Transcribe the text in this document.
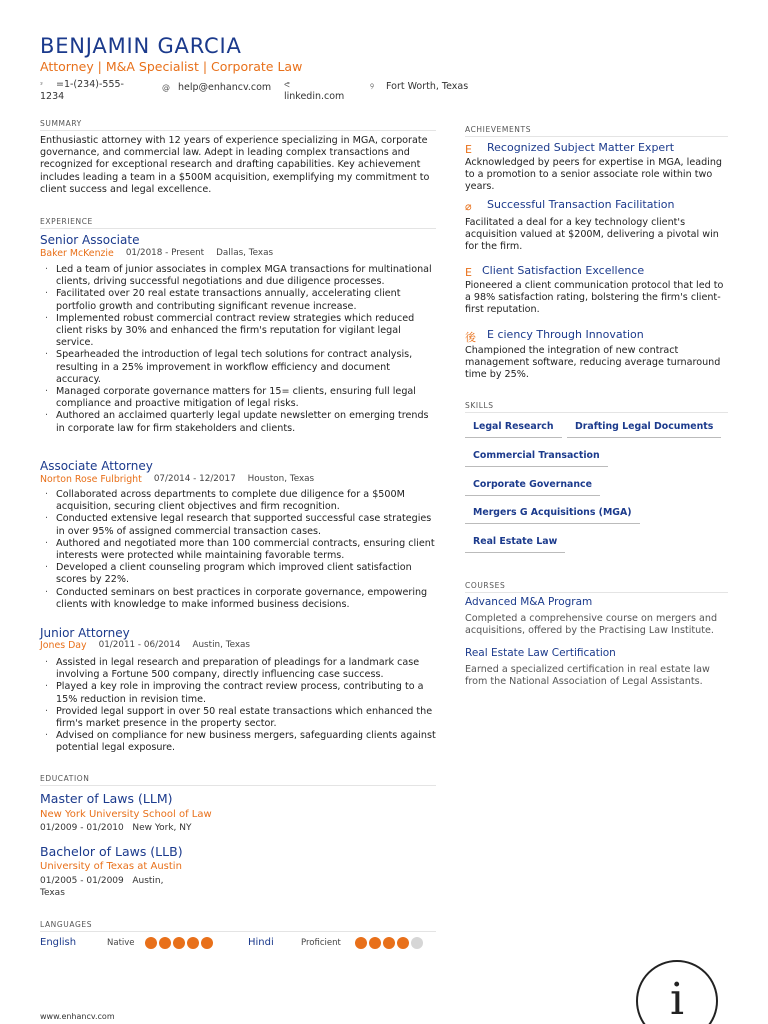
BENJAMIN GARCIA
Attorney | M&A Specialist | Corporate Law
ᵌ	=1-(234)-555-
1234
@ help@enhancv.com ᕙ
linkedin.com
୨	Fort Worth, Texas
SUMMARY
Enthusiastic attorney with 12 years of experience specializing in MGA, corporate governance, and commercial law. Adept in leading complex transactions and recognized for exceptional research and drafting capabilities. Key achievement includes leading a team in a $500M acquisition, exemplifying my commitment to client success and legal excellence.
EXPERIENCE
Senior Associate
Baker McKenzie 01/2018 - Present Dallas, Texas
· Led a team of junior associates in complex MGA transactions for multinational clients, driving successful negotiations and due diligence processes.
· Facilitated over 20 real estate transactions annually, accelerating client portfolio growth and contributing significant revenue increase.
· Implemented robust commercial contract review strategies which reduced client risks by 30% and enhanced the firm's reputation for vigilant legal service.
· Spearheaded the introduction of legal tech solutions for contract analysis, resulting in a 25% improvement in workflow efficiency and document accuracy.
· Managed corporate governance matters for 15= clients, ensuring full legal compliance and proactive mitigation of legal risks.
· Authored an acclaimed quarterly legal update newsletter on emerging trends in corporate law for firm stakeholders and clients.
Associate Attorney
Norton Rose Fulbright 07/2014 - 12/2017 Houston, Texas
· Collaborated across departments to complete due diligence for a $500M acquisition, securing client objectives and firm recognition.
· Conducted extensive legal research that supported successful case strategies in over 95% of assigned commercial transaction cases.
· Authored and negotiated more than 100 commercial contracts, ensuring client interests were protected while maintaining favorable terms.
· Developed a client counseling program which improved client satisfaction scores by 22%.
· Conducted seminars on best practices in corporate governance, empowering clients with knowledge to make informed business decisions.
Junior Attorney
Jones Day 01/2011 - 06/2014 Austin, Texas
· Assisted in legal research and preparation of pleadings for a landmark case involving a Fortune 500 company, directly influencing case success.
· Played a key role in improving the contract review process, contributing to a 15% reduction in revision time.
· Provided legal support in over 50 real estate transactions which enhanced the firm's market presence in the property sector.
· Advised on compliance for new business mergers, safeguarding clients against potential legal exposure.
EDUCATION
Master of Laws (LLM)
New York University School of Law
01/2009 - 01/2010 New York, NY
Bachelor of Laws (LLB)
University of Texas at Austin
01/2005 - 01/2009 Austin,
Texas
LANGUAGES
English	Native	Hindi	Proficient
www.enhancv.com	i
ACHIEVEMENTS
E Recognized Subject Matter Expert
Acknowledged by peers for expertise in MGA, leading to a promotion to a senior associate role within two years.
⌀ Successful Transaction Facilitation
Facilitated a deal for a key technology client's acquisition valued at $200M, delivering a pivotal win for the firm.
E Client Satisfaction Excellence
Pioneered a client communication protocol that led to a 98% satisfaction rating, bolstering the firm's client-first reputation.
後 E ciency Through Innovation
Championed the integration of new contract management software, reducing average turnaround time by 25%.
SKILLS
Legal Research	Drafting Legal Documents
Commercial Transaction
Corporate Governance
Mergers G Acquisitions (MGA)
Real Estate Law
COURSES
Advanced M&A Program
Completed a comprehensive course on mergers and acquisitions, offered by the Practising Law Institute.
Real Estate Law Certification
Earned a specialized certification in real estate law from the National Association of Legal Assistants.
